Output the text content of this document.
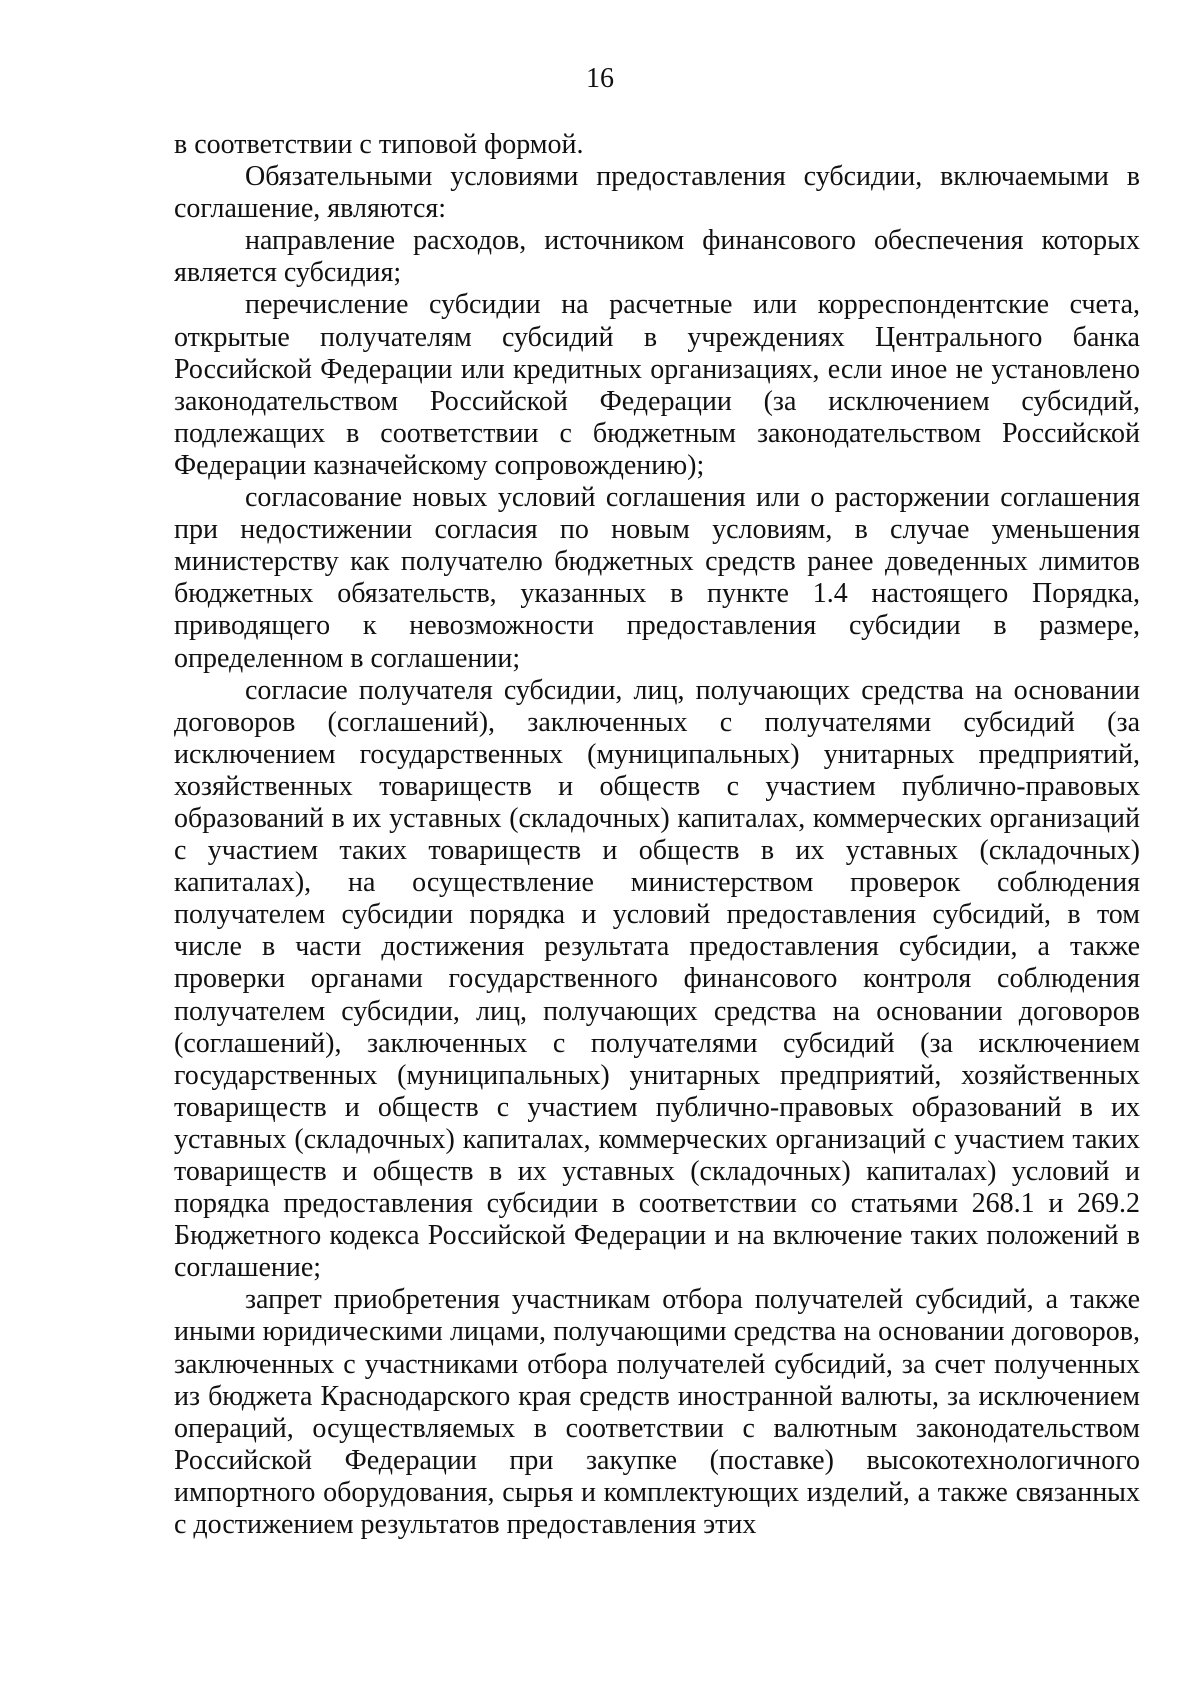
16

в соответствии с типовой формой.

Обязательными условиями предоставления субсидии, включаемыми в соглашение, являются:

направление расходов, источником финансового обеспечения которых является субсидия;

перечисление субсидии на расчетные или корреспондентские счета, открытые получателям субсидий в учреждениях Центрального банка Российской Федерации или кредитных организациях, если иное не установлено законодательством Российской Федерации (за исключением субсидий, подлежащих в соответствии с бюджетным законодательством Российской Федерации казначейскому сопровождению);

согласование новых условий соглашения или о расторжении соглашения при недостижении согласия по новым условиям, в случае уменьшения министерству как получателю бюджетных средств ранее доведенных лимитов бюджетных обязательств, указанных в пункте 1.4 настоящего Порядка, приводящего к невозможности предоставления субсидии в размере, определенном в соглашении;

согласие получателя субсидии, лиц, получающих средства на основании договоров (соглашений), заключенных с получателями субсидий (за исключением государственных (муниципальных) унитарных предприятий, хозяйственных товариществ и обществ с участием публично-правовых образований в их уставных (складочных) капиталах, коммерческих организаций с участием таких товариществ и обществ в их уставных (складочных) капиталах), на осуществление министерством проверок соблюдения получателем субсидии порядка и условий предоставления субсидий, в том числе в части достижения результата предоставления субсидии, а также проверки органами государственного финансового контроля соблюдения получателем субсидии, лиц, получающих средства на основании договоров (соглашений), заключенных с получателями субсидий (за исключением государственных (муниципальных) унитарных предприятий, хозяйственных товариществ и обществ с участием публично-правовых образований в их уставных (складочных) капиталах, коммерческих организаций с участием таких товариществ и обществ в их уставных (складочных) капиталах) условий и порядка предоставления субсидии в соответствии со статьями 268.1 и 269.2 Бюджетного кодекса Российской Федерации и на включение таких положений в соглашение;

запрет приобретения участникам отбора получателей субсидий, а также иными юридическими лицами, получающими средства на основании договоров, заключенных с участниками отбора получателей субсидий, за счет полученных из бюджета Краснодарского края средств иностранной валюты, за исключением операций, осуществляемых в соответствии с валютным законодательством Российской Федерации при закупке (поставке) высокотехнологичного импортного оборудования, сырья и комплектующих изделий, а также связанных с достижением результатов предоставления этих
